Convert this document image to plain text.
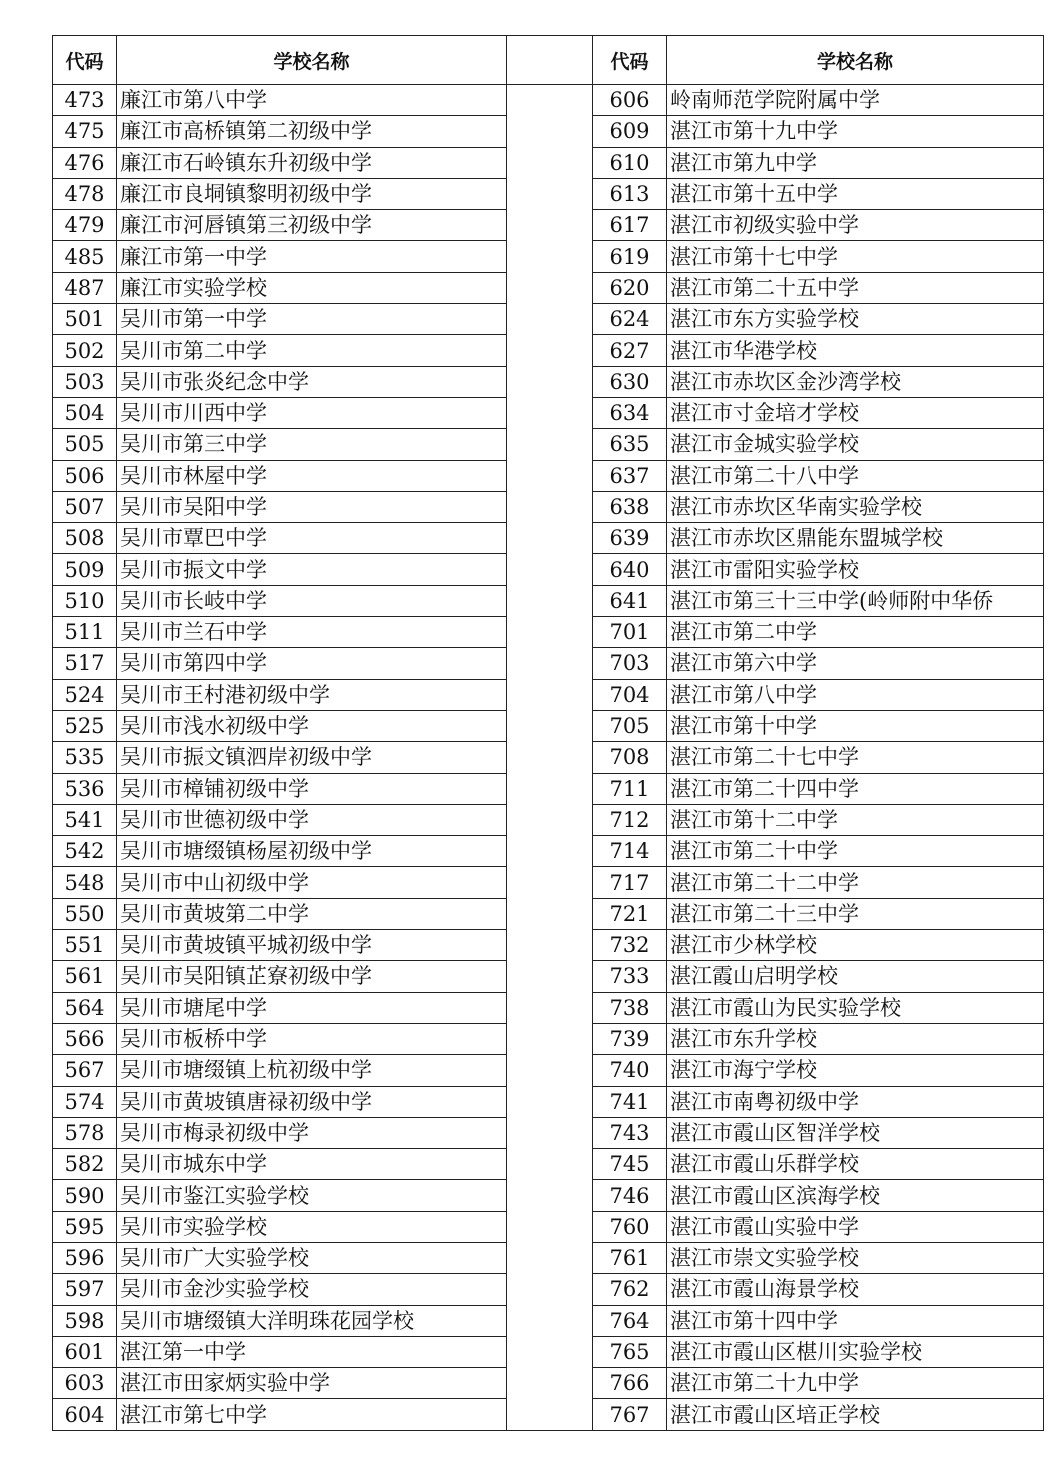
代码	学校名称		代码	学校名称
473	廉江市第八中学		606	岭南师范学院附属中学
475	廉江市高桥镇第二初级中学		609	湛江市第十九中学
476	廉江市石岭镇东升初级中学		610	湛江市第九中学
478	廉江市良垌镇黎明初级中学		613	湛江市第十五中学
479	廉江市河唇镇第三初级中学		617	湛江市初级实验中学
485	廉江市第一中学		619	湛江市第十七中学
487	廉江市实验学校		620	湛江市第二十五中学
501	吴川市第一中学		624	湛江市东方实验学校
502	吴川市第二中学		627	湛江市华港学校
503	吴川市张炎纪念中学		630	湛江市赤坎区金沙湾学校
504	吴川市川西中学		634	湛江市寸金培才学校
505	吴川市第三中学		635	湛江市金城实验学校
506	吴川市林屋中学		637	湛江市第二十八中学
507	吴川市吴阳中学		638	湛江市赤坎区华南实验学校
508	吴川市覃巴中学		639	湛江市赤坎区鼎能东盟城学校
509	吴川市振文中学		640	湛江市雷阳实验学校
510	吴川市长岐中学		641	湛江市第三十三中学(岭师附中华侨
511	吴川市兰石中学		701	湛江市第二中学
517	吴川市第四中学		703	湛江市第六中学
524	吴川市王村港初级中学		704	湛江市第八中学
525	吴川市浅水初级中学		705	湛江市第十中学
535	吴川市振文镇泗岸初级中学		708	湛江市第二十七中学
536	吴川市樟铺初级中学		711	湛江市第二十四中学
541	吴川市世德初级中学		712	湛江市第十二中学
542	吴川市塘缀镇杨屋初级中学		714	湛江市第二十中学
548	吴川市中山初级中学		717	湛江市第二十二中学
550	吴川市黄坡第二中学		721	湛江市第二十三中学
551	吴川市黄坡镇平城初级中学		732	湛江市少林学校
561	吴川市吴阳镇芷寮初级中学		733	湛江霞山启明学校
564	吴川市塘尾中学		738	湛江市霞山为民实验学校
566	吴川市板桥中学		739	湛江市东升学校
567	吴川市塘缀镇上杭初级中学		740	湛江市海宁学校
574	吴川市黄坡镇唐禄初级中学		741	湛江市南粤初级中学
578	吴川市梅录初级中学		743	湛江市霞山区智洋学校
582	吴川市城东中学		745	湛江市霞山乐群学校
590	吴川市鉴江实验学校		746	湛江市霞山区滨海学校
595	吴川市实验学校		760	湛江市霞山实验中学
596	吴川市广大实验学校		761	湛江市崇文实验学校
597	吴川市金沙实验学校		762	湛江市霞山海景学校
598	吴川市塘缀镇大洋明珠花园学校		764	湛江市第十四中学
601	湛江第一中学		765	湛江市霞山区椹川实验学校
603	湛江市田家炳实验中学		766	湛江市第二十九中学
604	湛江市第七中学		767	湛江市霞山区培正学校
